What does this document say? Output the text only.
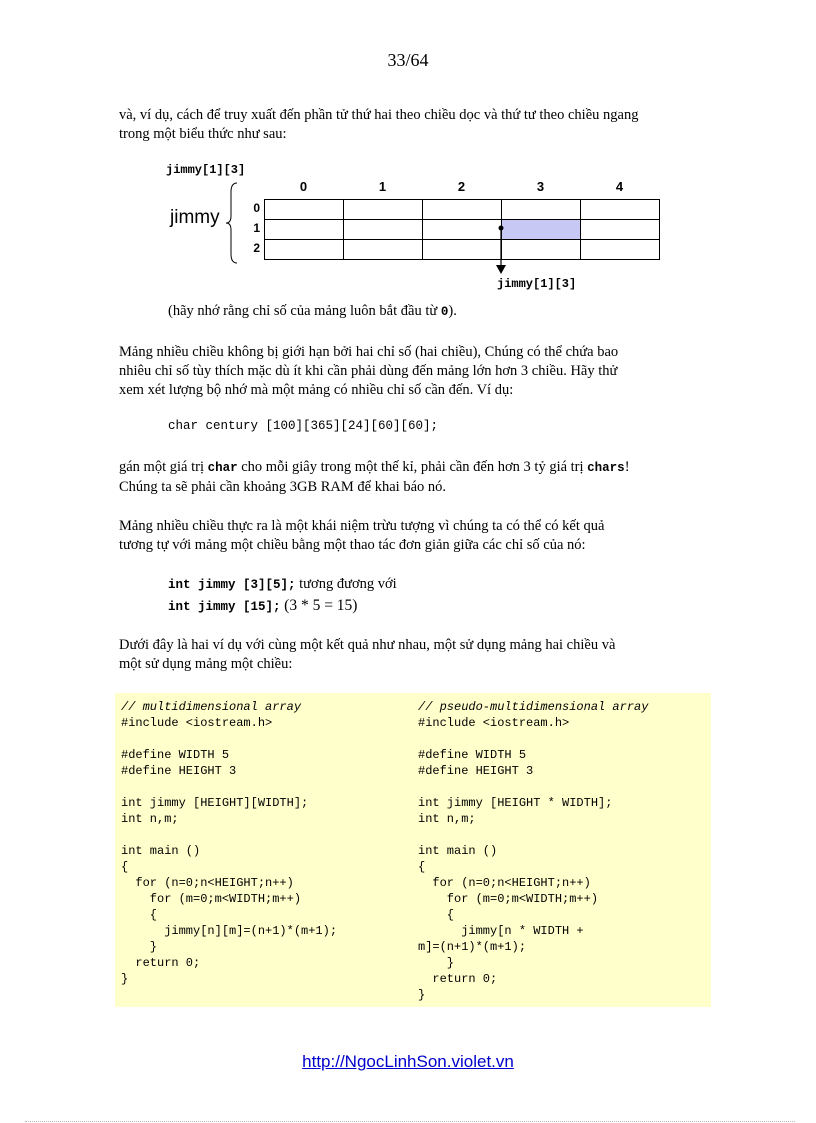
33/64

và, ví dụ, cách để truy xuất đến phần tử thứ hai theo chiều dọc và thứ tư theo chiều ngang
trong một biểu thức như sau:

jimmy[1][3]
jimmy
0	1	2	3	4
0
1
2

jimmy[1][3]

(hãy nhớ rằng chỉ số của mảng luôn bắt đầu từ 0).

Mảng nhiều chiều không bị giới hạn bởi hai chỉ số (hai chiều), Chúng có thể chứa bao
nhiêu chỉ số tùy thích mặc dù ít khi cần phải dùng đến mảng lớn hơn 3 chiều. Hãy thử
xem xét lượng bộ nhớ mà một mảng có nhiều chỉ số cần đến. Ví dụ:

char century [100][365][24][60][60];

gán một giá trị char cho mỗi giây trong một thế kỉ, phải cần đến hơn 3 tỷ giá trị chars!
Chúng ta sẽ phải cần khoảng 3GB RAM để khai báo nó.

Mảng nhiều chiều thực ra là một khái niệm trừu tượng vì chúng ta có thể có kết quả
tương tự với mảng một chiều bằng một thao tác đơn giản giữa các chỉ số của nó:

int jimmy [3][5]; tương đương với
int jimmy [15]; (3 * 5 = 15)

Dưới đây là hai ví dụ với cùng một kết quả như nhau, một sử dụng mảng hai chiều và
một sử dụng mảng một chiều:

// multidimensional array
#include <iostream.h>

#define WIDTH 5
#define HEIGHT 3

int jimmy [HEIGHT][WIDTH];
int n,m;

int main ()
{
for (n=0;n<HEIGHT;n++)
for (m=0;m<WIDTH;m++)
{
jimmy[n][m]=(n+1)*(m+1);
}
return 0;
}
// pseudo-multidimensional array
#include <iostream.h>

#define WIDTH 5
#define HEIGHT 3

int jimmy [HEIGHT * WIDTH];
int n,m;

int main ()
{
for (n=0;n<HEIGHT;n++)
for (m=0;m<WIDTH;m++)
{
jimmy[n * WIDTH +
m]=(n+1)*(m+1);
}
return 0;
}
http://NgocLinhSon.violet.vn
